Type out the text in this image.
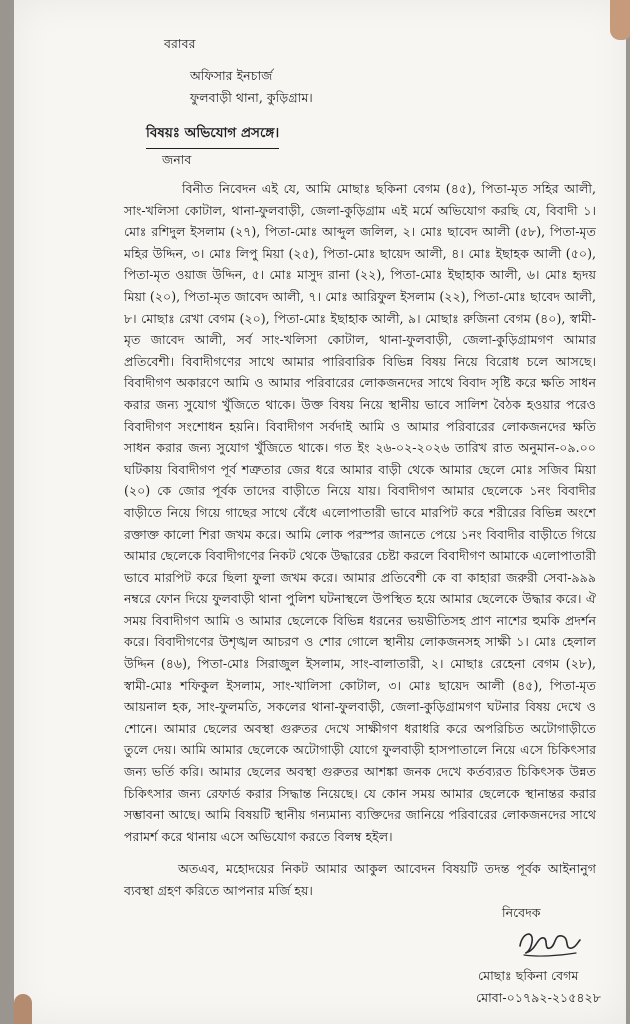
বরাবর
অফিসার ইনচার্জ
ফুলবাড়ী থানা, কুড়িগ্রাম।
বিষয়ঃ অভিযোগ প্রসঙ্গে।
জনাব
বিনীত নিবেদন এই যে, আমি মোছাঃ ছকিনা বেগম (৪৫), পিতা-মৃত সহির আলী, সাং-খলিসা কোটাল, থানা-ফুলবাড়ী, জেলা-কুড়িগ্রাম এই মর্মে অভিযোগ করছি যে, বিবাদী ১। মোঃ রশিদুল ইসলাম (২৭), পিতা-মোঃ আব্দুল জলিল, ২। মোঃ ছাবেদ আলী (৫৮), পিতা-মৃত মহির উদ্দিন, ৩। মোঃ লিপু মিয়া (২৫), পিতা-মোঃ ছায়েদ আলী, ৪। মোঃ ইছাহক আলী (৫০), পিতা-মৃত ওয়াজ উদ্দিন, ৫। মোঃ মাসুদ রানা (২২), পিতা-মোঃ ইছাহাক আলী, ৬। মোঃ হৃদয় মিয়া (২০), পিতা-মৃত জাবেদ আলী, ৭। মোঃ আরিফুল ইসলাম (২২), পিতা-মোঃ ছাবেদ আলী, ৮। মোছাঃ রেখা বেগম (২০), পিতা-মোঃ ইছাহাক আলী, ৯। মোছাঃ রুজিনা বেগম (৪০), স্বামী-মৃত জাবেদ আলী, সর্ব সাং-খলিসা কোটাল, থানা-ফুলবাড়ী, জেলা-কুড়িগ্রামগণ আমার প্রতিবেশী। বিবাদীগণের সাথে আমার পারিবারিক বিভিন্ন বিষয় নিয়ে বিরোধ চলে আসছে। বিবাদীগণ অকারণে আমি ও আমার পরিবারের লোকজনদের সাথে বিবাদ সৃষ্টি করে ক্ষতি সাধন করার জন্য সুযোগ খুঁজিতে থাকে। উক্ত বিষয় নিয়ে স্থানীয় ভাবে সালিশ বৈঠক হওয়ার পরেও বিবাদীগণ সংশোধন হয়নি। বিবাদীগণ সর্বদাই আমি ও আমার পরিবারের লোকজনদের ক্ষতি সাধন করার জন্য সুযোগ খুঁজিতে থাকে। গত ইং ২৬-০২-২০২৬ তারিখ রাত অনুমান-০৯.০০ ঘটিকায় বিবাদীগণ পূর্ব শত্রুতার জের ধরে আমার বাড়ী থেকে আমার ছেলে মোঃ সজিব মিয়া (২০) কে জোর পূর্বক তাদের বাড়ীতে নিয়ে যায়। বিবাদীগণ আমার ছেলেকে ১নং বিবাদীর বাড়ীতে নিয়ে গিয়ে গাছের সাথে বেঁধে এলোপাতারী ভাবে মারপিট করে শরীরের বিভিন্ন অংশে রক্তাক্ত কালো শিরা জখম করে। আমি লোক পরস্পর জানতে পেয়ে ১নং বিবাদীর বাড়ীতে গিয়ে আমার ছেলেকে বিবাদীগণের নিকট থেকে উদ্ধারের চেষ্টা করলে বিবাদীগণ আমাকে এলোপাতারী ভাবে মারপিট করে ছিলা ফুলা জখম করে। আমার প্রতিবেশী কে বা কাহারা জরুরী সেবা-৯৯৯ নম্বরে ফোন দিয়ে ফুলবাড়ী থানা পুলিশ ঘটনাস্থলে উপস্থিত হয়ে আমার ছেলেকে উদ্ধার করে। ঐ সময় বিবাদীগণ আমি ও আমার ছেলেকে বিভিন্ন ধরনের ভয়ভীতিসহ প্রাণ নাশের হুমকি প্রদর্শন করে। বিবাদীগণের উশৃঙ্খল আচরণ ও শোর গোলে স্থানীয় লোকজনসহ সাক্ষী ১। মোঃ হেলাল উদ্দিন (৪৬), পিতা-মোঃ সিরাজুল ইসলাম, সাং-বালাতারী, ২। মোছাঃ রেহেনা বেগম (২৮), স্বামী-মোঃ শফিকুল ইসলাম, সাং-খালিসা কোটাল, ৩। মোঃ ছায়েদ আলী (৪৫), পিতা-মৃত আয়নাল হক, সাং-ফুলমতি, সকলের থানা-ফুলবাড়ী, জেলা-কুড়িগ্রামগণ ঘটনার বিষয় দেখে ও শোনে। আমার ছেলের অবস্থা গুরুতর দেখে সাক্ষীগণ ধরাধরি করে অপরিচিত অটোগাড়ীতে তুলে দেয়। আমি আমার ছেলেকে অটোগাড়ী যোগে ফুলবাড়ী হাসপাতালে নিয়ে এসে চিকিৎসার জন্য ভর্তি করি। আমার ছেলের অবস্থা গুরুতর আশঙ্কা জনক দেখে কর্তব্যরত চিকিৎসক উন্নত চিকিৎসার জন্য রেফার্ড করার সিদ্ধান্ত নিয়েছে। যে কোন সময় আমার ছেলেকে স্থানান্তর করার সম্ভাবনা আছে। আমি বিষয়টি স্থানীয় গন্যমান্য ব্যক্তিদের জানিয়ে পরিবারের লোকজনদের সাথে পরামর্শ করে থানায় এসে অভিযোগ করতে বিলম্ব হইল।
অতএব, মহোদয়ের নিকট আমার আকুল আবেদন বিষয়টি তদন্ত পূর্বক আইনানুগ ব্যবস্থা গ্রহণ করিতে আপনার মর্জি হয়।
নিবেদক
মোছাঃ ছকিনা বেগম
মোবা-০১৭৯২-২১৫৪২৮
